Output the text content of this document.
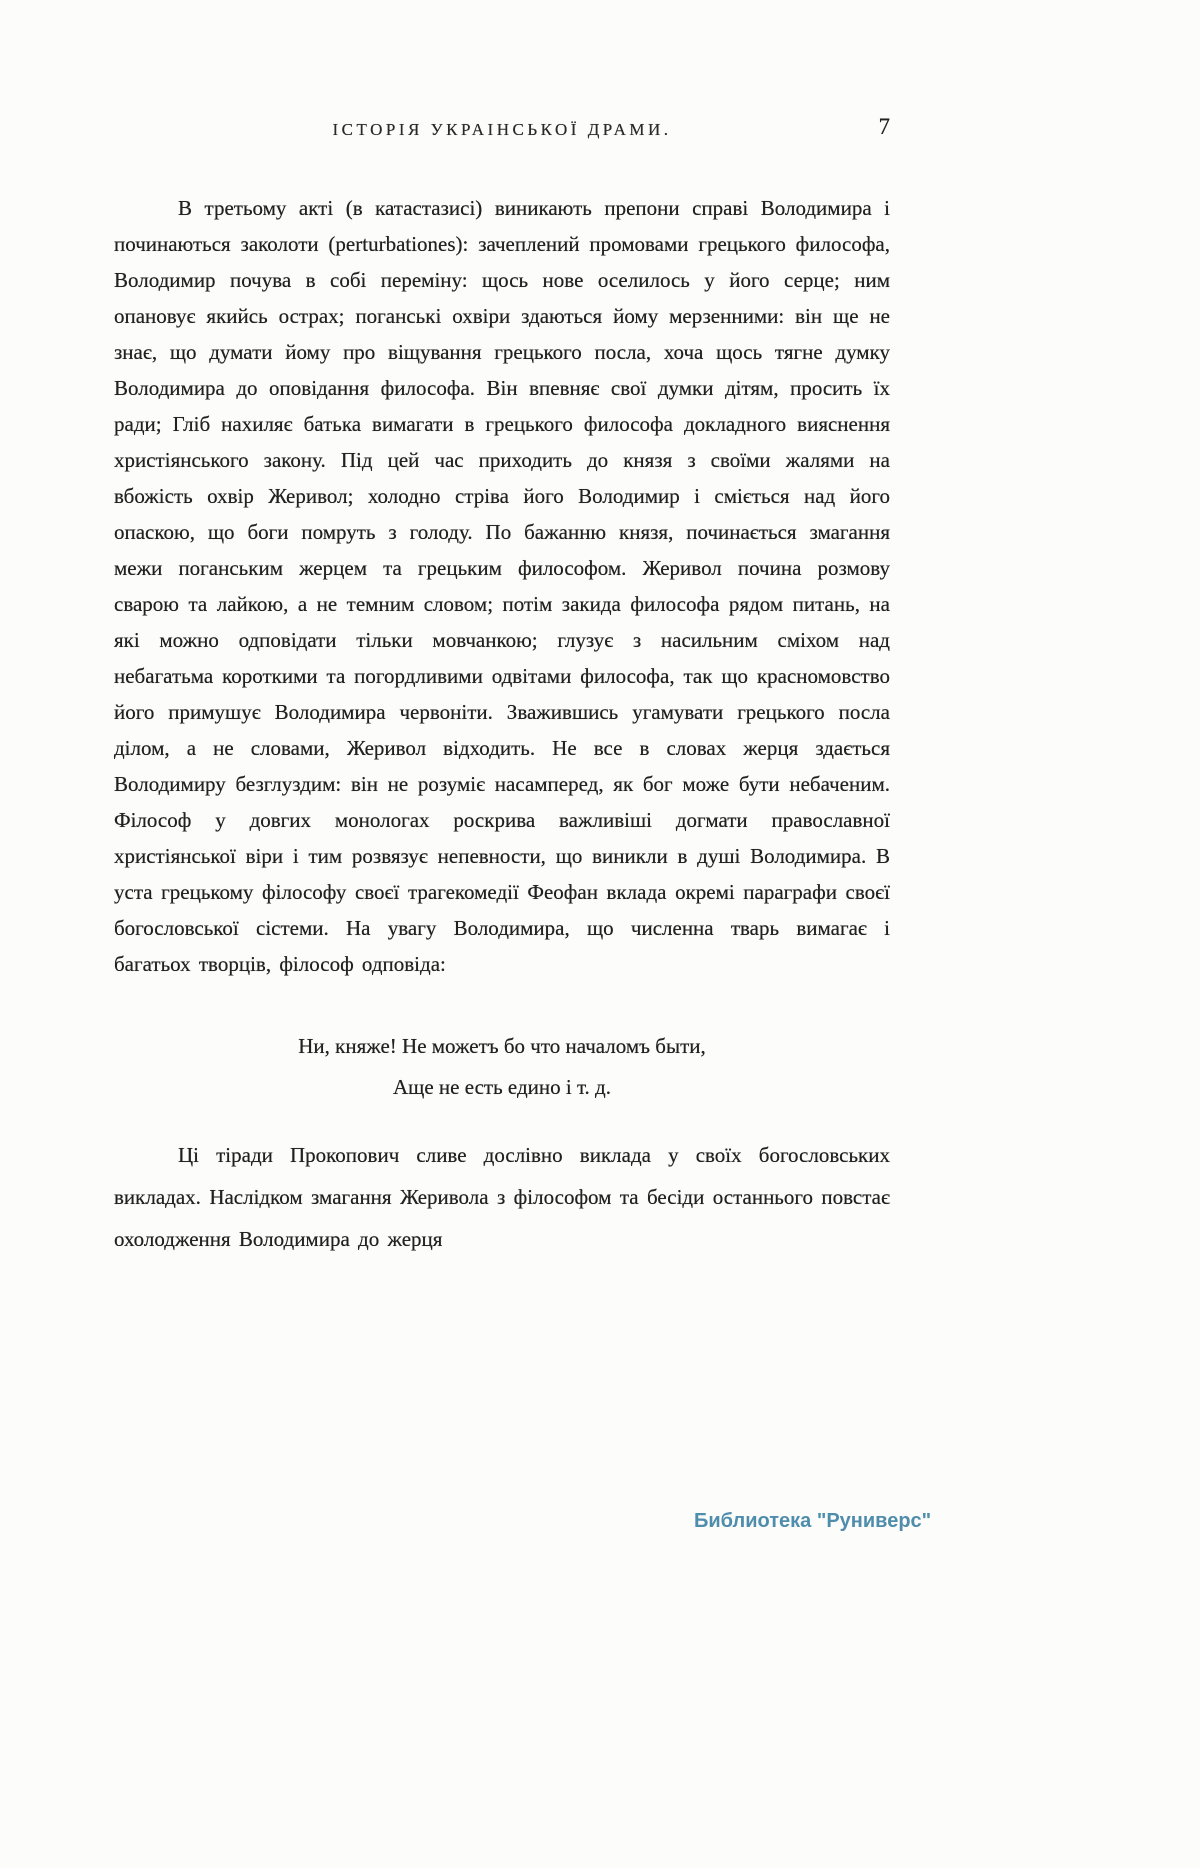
ІСТОРІЯ УКРАІНСЬКОЇ ДРАМИ.	7

В третьому акті (в катастазисі) виникають препони справі Володимира і починаються заколоти (perturbationes): зачеплений промовами грецького философа, Володимир почува в собі переміну: щось нове оселилось у його серце; ним опановує якийсь острах; поганські охвіри здаються йому мерзенними: він ще не знає, що думати йому про віщування грецького посла, хоча щось тягне думку Володимира до оповідання философа. Він впевняє свої думки дітям, просить їх ради; Гліб нахиляє батька вимагати в грецького философа докладного вияснення христіянського закону. Під цей час приходить до князя з своїми жалями на вбожість охвір Жеривол; холодно стріва його Володимир і сміється над його опаскою, що боги помруть з голоду. По бажанню князя, починається змагання межи поганським жерцем та грецьким философом. Жеривол почина розмову сварою та лайкою, а не темним словом; потім закида философа рядом питань, на які можно одповідати тільки мовчанкою; глузує з насильним сміхом над небагатьма короткими та погордливими одвітами философа, так що красномовство його примушує Володимира червоніти. Зважившись угамувати грецького посла ділом, а не словами, Жеривол відходить. Не все в словах жерця здається Володимиру безглуздим: він не розуміє насамперед, як бог може бути небаченим. Філософ у довгих монологах роскрива важливіші догмати православної христіянської віри і тим розвязує непевности, що виникли в душі Володимира. В уста грецькому філософу своєї трагекомедії Феофан вклада окремі параграфи своєї богословської сістеми. На увагу Володимира, що численна тварь вимагає і багатьох творців, філософ одповіда:

Ни, княже! Не можетъ бо что началомъ быти,
Аще не есть едино і т. д.

Ці тіради Прокопович сливе дослівно виклада у своїх богословських викладах. Наслідком змагання Жеривола з філософом та бесіди останнього повстає охолодження Володимира до жерця

Библиотека "Руниверс"
